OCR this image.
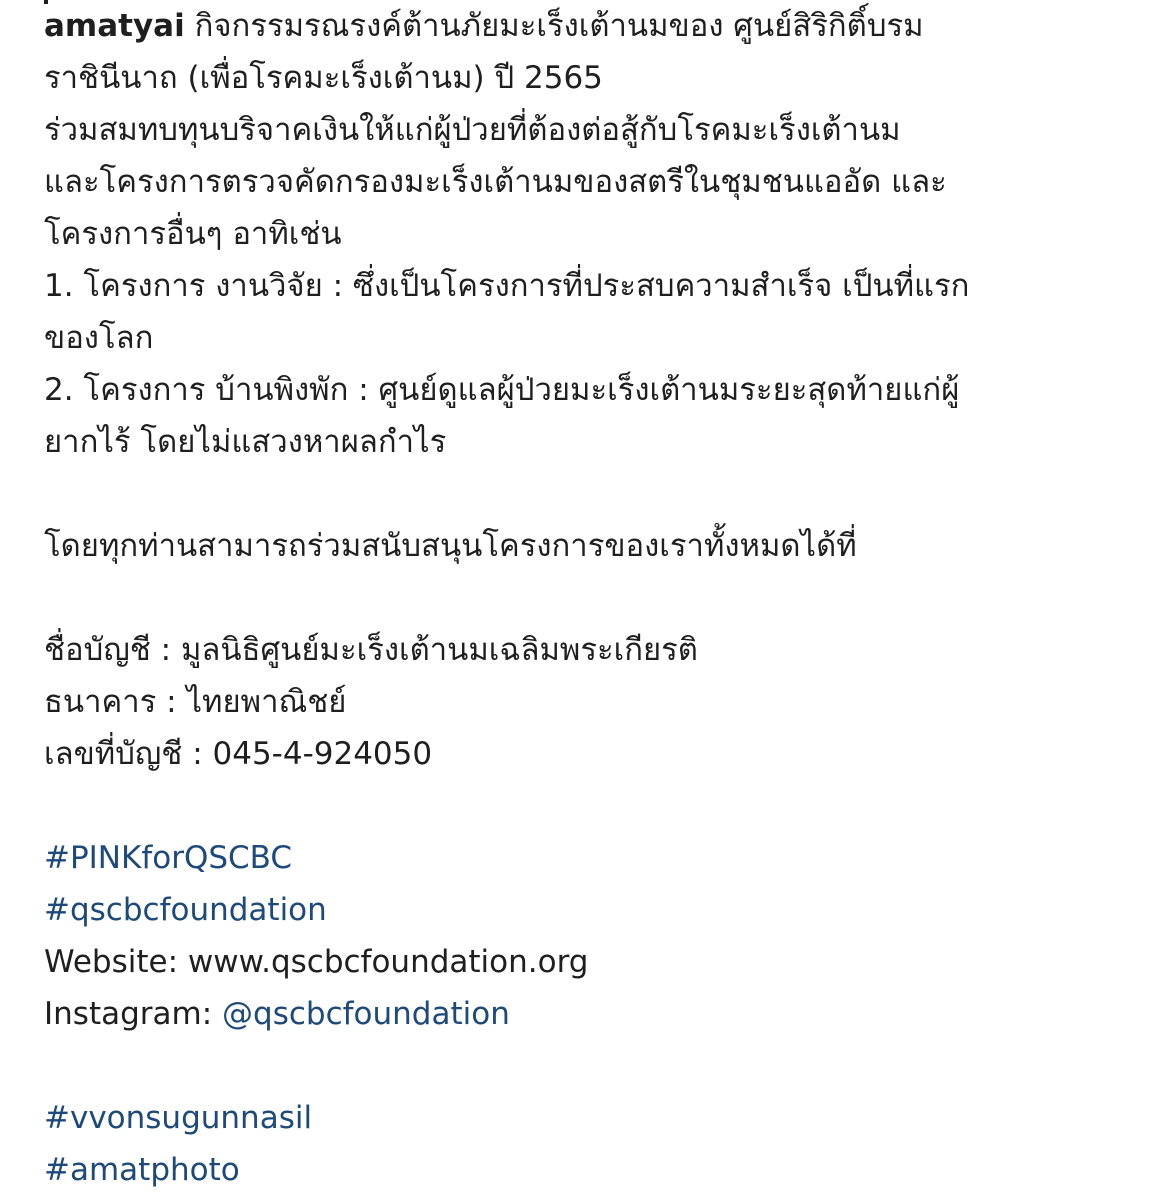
amatyai กิจกรรมรณรงค์ต้านภัยมะเร็งเต้านมของ ศูนย์สิริกิติ์บรม
ราชินีนาถ (เพื่อโรคมะเร็งเต้านม) ปี 2565
ร่วมสมทบทุนบริจาคเงินให้แก่ผู้ป่วยที่ต้องต่อสู้กับโรคมะเร็งเต้านม
และโครงการตรวจคัดกรองมะเร็งเต้านมของสตรีในชุมชนแออัด และ
โครงการอื่นๆ อาทิเช่น
1. โครงการ งานวิจัย : ซึ่งเป็นโครงการที่ประสบความสำเร็จ เป็นที่แรก
ของโลก
2. โครงการ บ้านพิงพัก : ศูนย์ดูแลผู้ป่วยมะเร็งเต้านมระยะสุดท้ายแก่ผู้
ยากไร้ โดยไม่แสวงหาผลกำไร
โดยทุกท่านสามารถร่วมสนับสนุนโครงการของเราทั้งหมดได้ที่
ชื่อบัญชี : มูลนิธิศูนย์มะเร็งเต้านมเฉลิมพระเกียรติ
ธนาคาร : ไทยพาณิชย์
เลขที่บัญชี : 045-4-924050
#PINKforQSCBC
#qscbcfoundation
Website: www.qscbcfoundation.org
Instagram: @qscbcfoundation
#vvonsugunnasil
#amatphoto
